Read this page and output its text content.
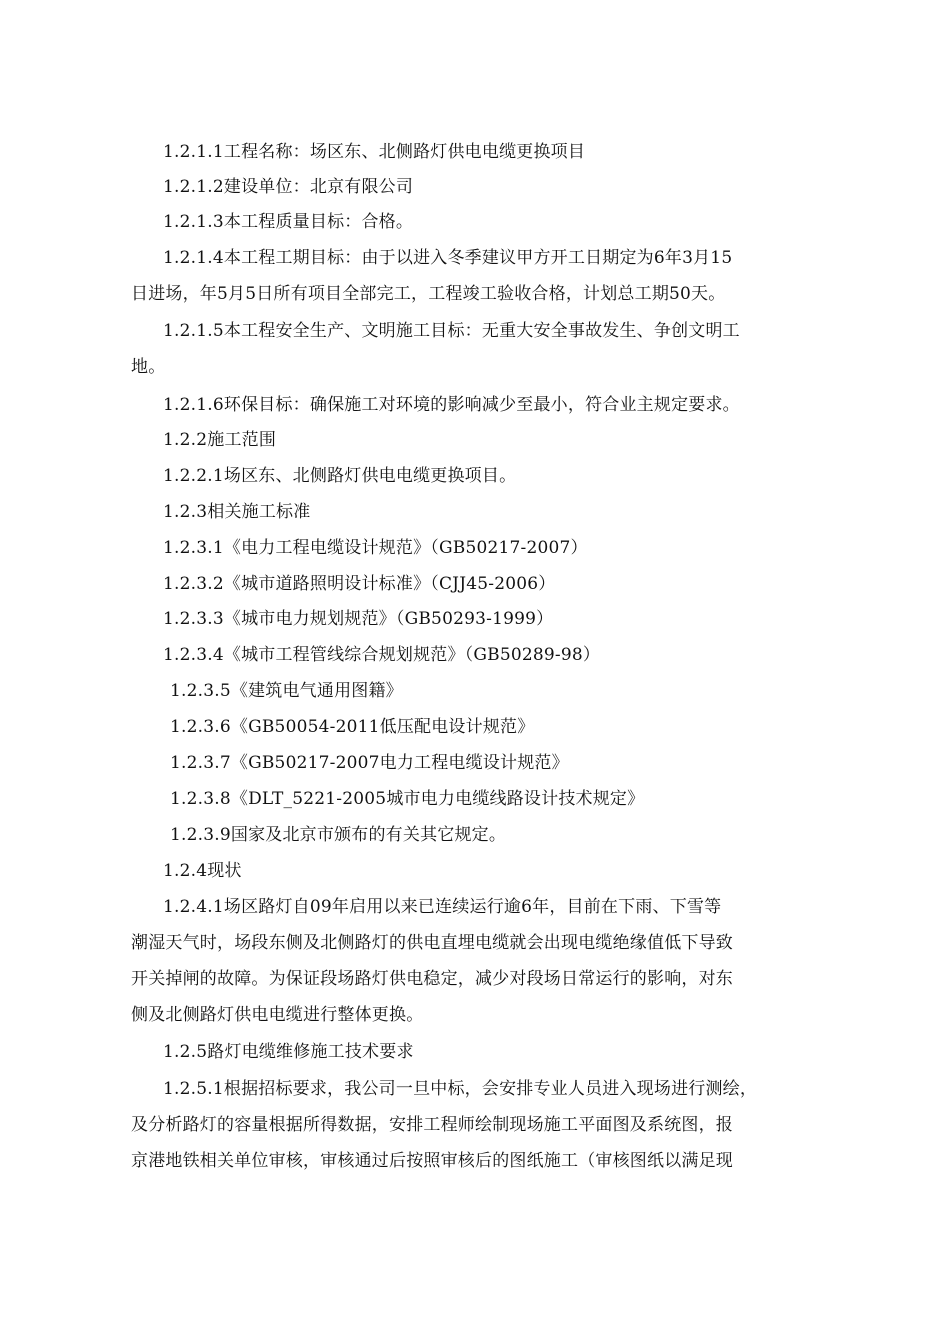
1.2.1.1工程名称：场区东、北侧路灯供电电缆更换项目
1.2.1.2建设单位：北京有限公司
1.2.1.3本工程质量目标：合格。
1.2.1.4本工程工期目标：由于以进入冬季建议甲方开工日期定为6年3月15
日进场，年5月5日所有项目全部完工，工程竣工验收合格，计划总工期50天。
1.2.1.5本工程安全生产、文明施工目标：无重大安全事故发生、争创文明工
地。
1.2.1.6环保目标：确保施工对环境的影响减少至最小，符合业主规定要求。
1.2.2施工范围
1.2.2.1场区东、北侧路灯供电电缆更换项目。
1.2.3相关施工标准
1.2.3.1《电力工程电缆设计规范》（GB50217-2007）
1.2.3.2《城市道路照明设计标准》（CJJ45-2006）
1.2.3.3《城市电力规划规范》（GB50293-1999）
1.2.3.4《城市工程管线综合规划规范》（GB50289-98）
1.2.3.5《建筑电气通用图籍》
1.2.3.6《GB50054-2011低压配电设计规范》
1.2.3.7《GB50217-2007电力工程电缆设计规范》
1.2.3.8《DLT_5221-2005城市电力电缆线路设计技术规定》
1.2.3.9国家及北京市颁布的有关其它规定。
1.2.4现状
1.2.4.1场区路灯自09年启用以来已连续运行逾6年，目前在下雨、下雪等
潮湿天气时，场段东侧及北侧路灯的供电直埋电缆就会出现电缆绝缘值低下导致
开关掉闸的故障。为保证段场路灯供电稳定，减少对段场日常运行的影响，对东
侧及北侧路灯供电电缆进行整体更换。
1.2.5路灯电缆维修施工技术要求
1.2.5.1根据招标要求，我公司一旦中标，会安排专业人员进入现场进行测绘，
及分析路灯的容量根据所得数据，安排工程师绘制现场施工平面图及系统图，报
京港地铁相关单位审核，审核通过后按照审核后的图纸施工（审核图纸以满足现
